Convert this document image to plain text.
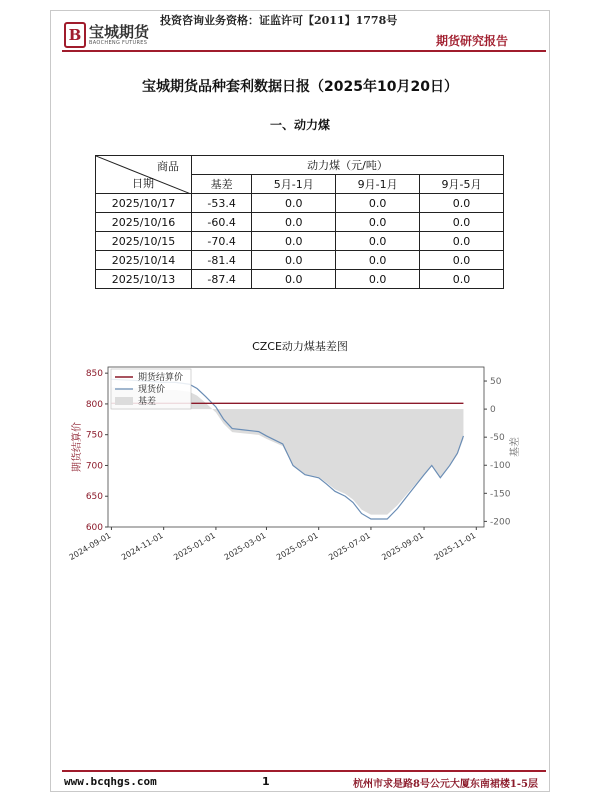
投资咨询业务资格：证监许可【2011】1778号
B 宝城期货
BAOCHENG FUTURES	期货研究报告
宝城期货品种套利数据日报（2025年10月20日）
一、动力煤
商品
日期	动力煤（元/吨）			
	基差	5月-1月	9月-1月	9月-5月
2025/10/17	-53.4	0.0	0.0	0.0
2025/10/16	-60.4	0.0	0.0	0.0
2025/10/15	-70.4	0.0	0.0	0.0
2025/10/14	-81.4	0.0	0.0	0.0
2025/10/13	-87.4	0.0	0.0	0.0
CZCE动力煤基差图
600
650
700
750
800
850
-200
-150
-100
-50
0
50
2024-09-01 2024-11-01 2025-01-01 2025-03-01 2025-05-01 2025-07-01 2025-09-01 2025-11-01
期货结算价	基差
期货结算价
现货价
基差
www.bcqhgs.com	1	杭州市求是路8号公元大厦东南裙楼1-5层
